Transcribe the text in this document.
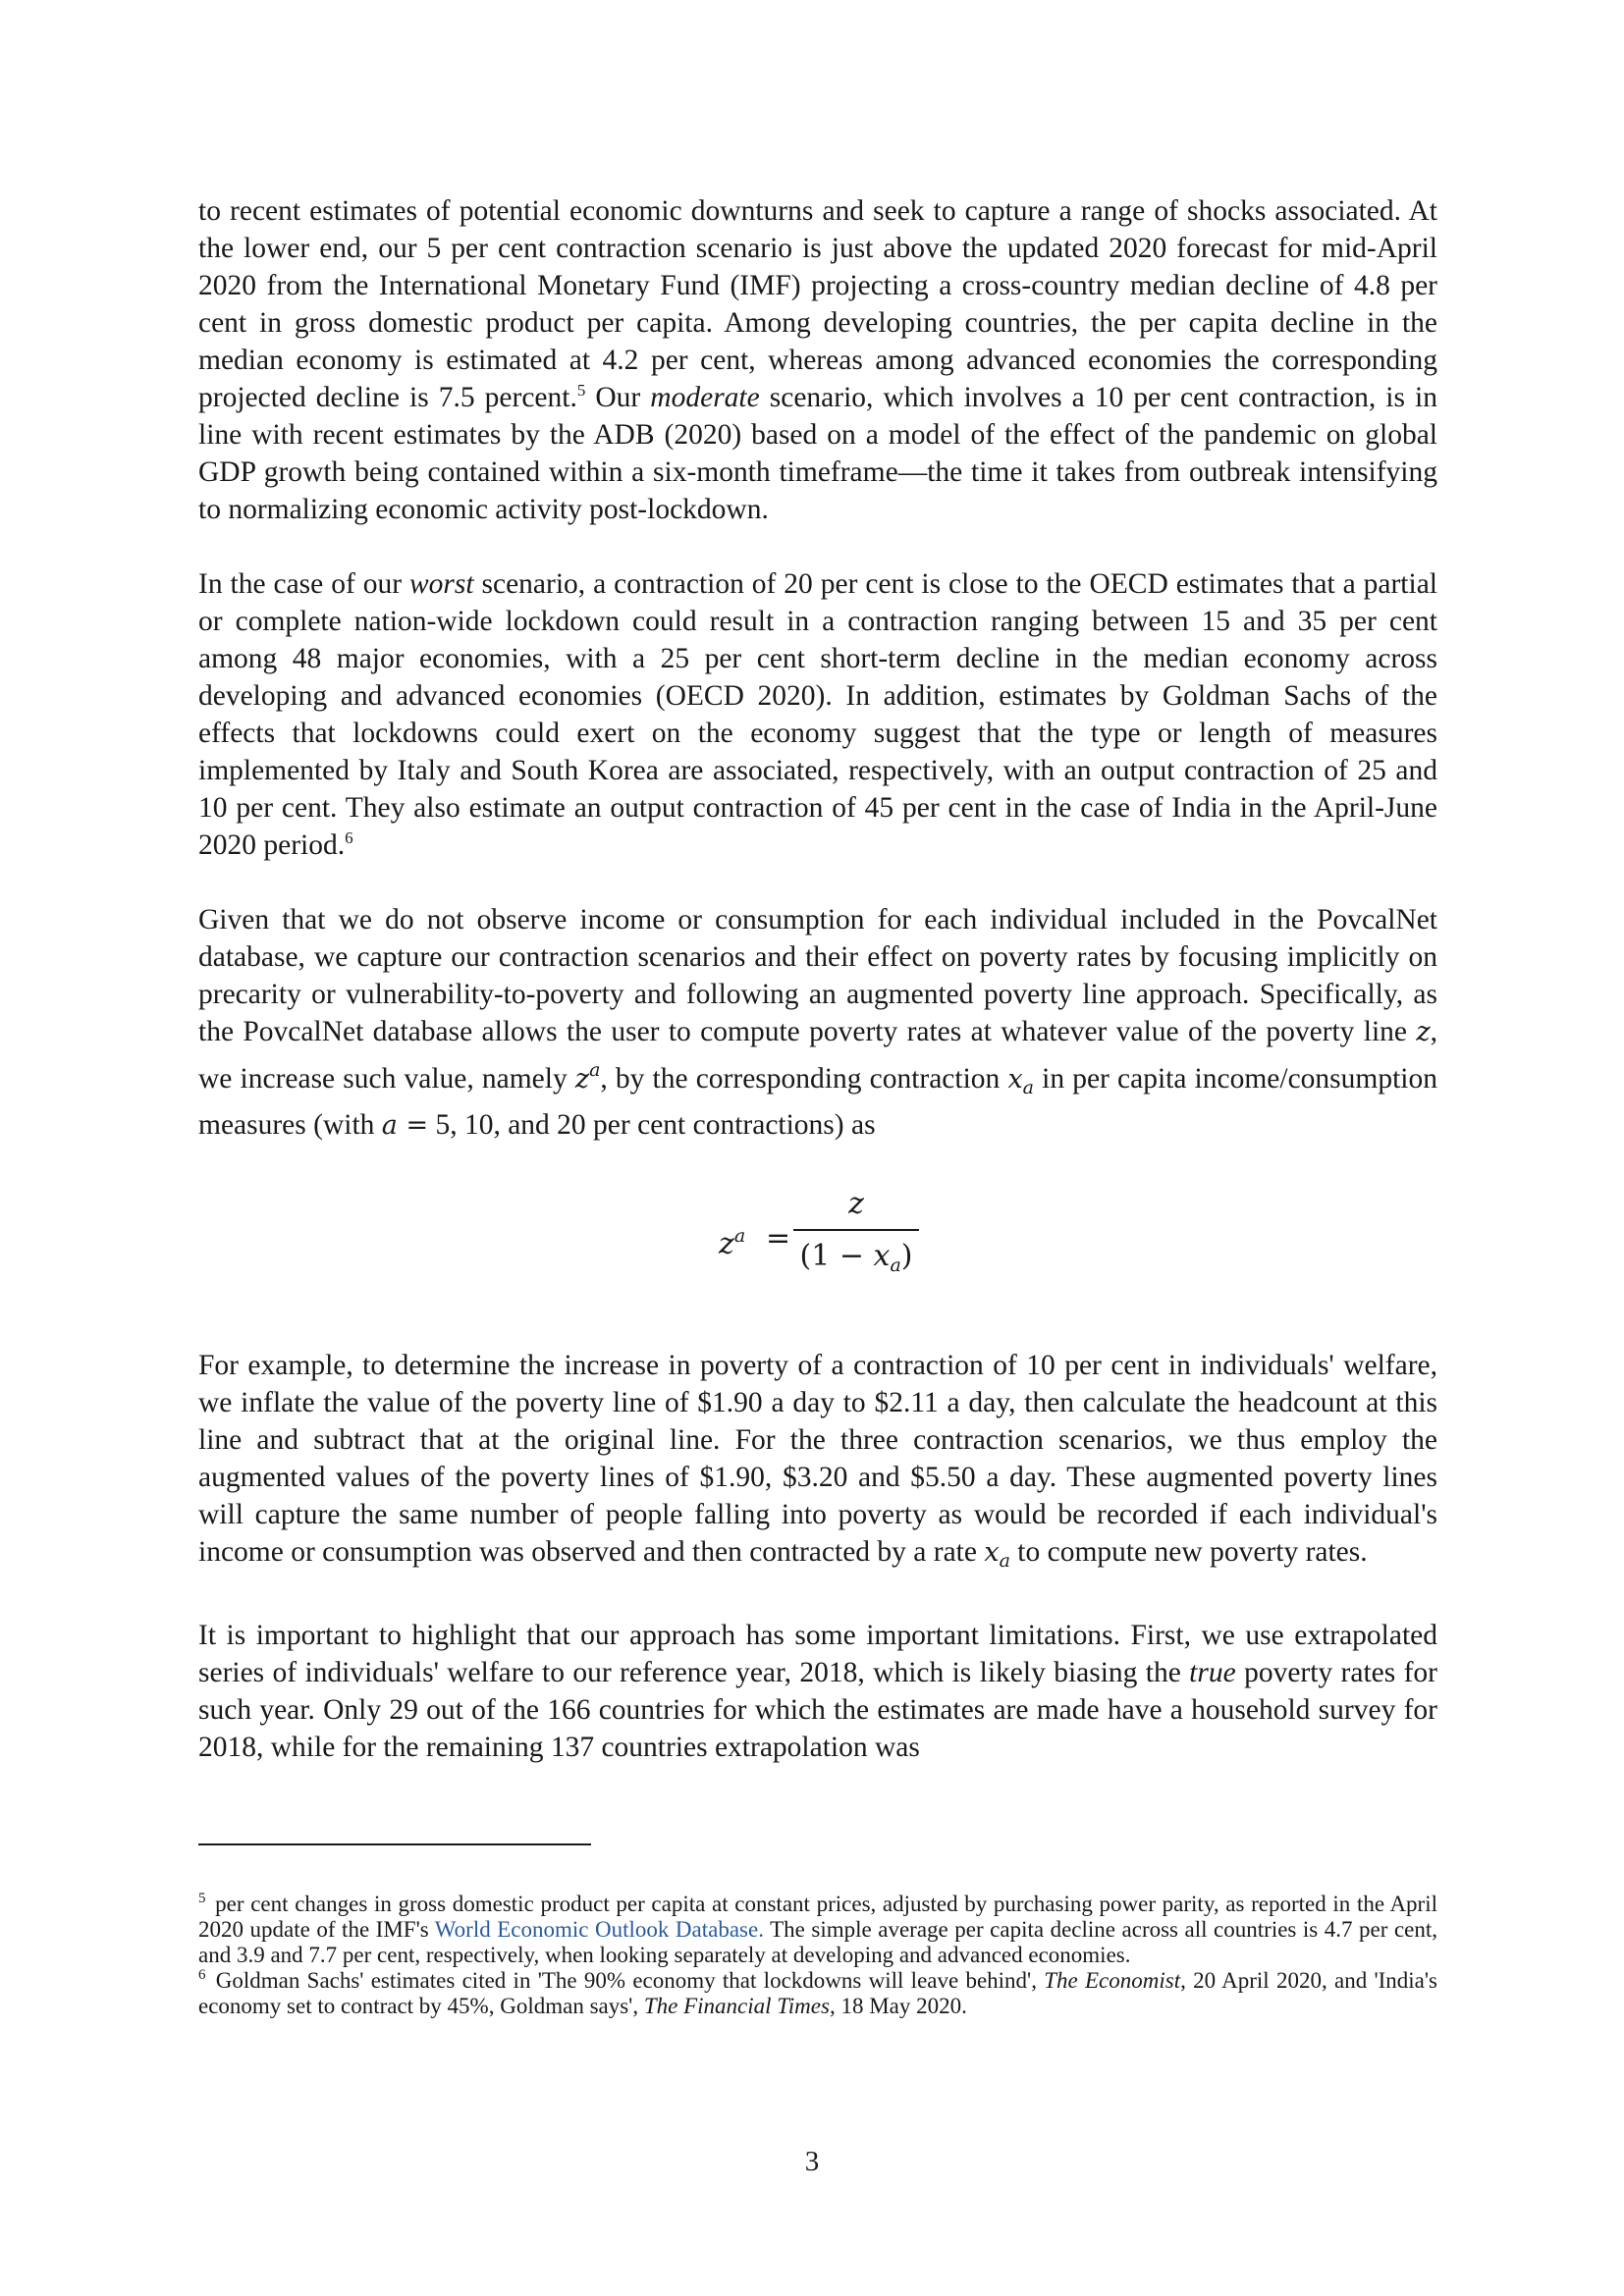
to recent estimates of potential economic downturns and seek to capture a range of shocks associated. At the lower end, our 5 per cent contraction scenario is just above the updated 2020 forecast for mid-April 2020 from the International Monetary Fund (IMF) projecting a cross-country median decline of 4.8 per cent in gross domestic product per capita. Among developing countries, the per capita decline in the median economy is estimated at 4.2 per cent, whereas among advanced economies the corresponding projected decline is 7.5 percent.$^5$ Our moderate scenario, which involves a 10 per cent contraction, is in line with recent estimates by the ADB (2020) based on a model of the effect of the pandemic on global GDP growth being contained within a six-month timeframe—the time it takes from outbreak intensifying to normalizing economic activity post-lockdown.

In the case of our worst scenario, a contraction of 20 per cent is close to the OECD estimates that a partial or complete nation-wide lockdown could result in a contraction ranging between 15 and 35 per cent among 48 major economies, with a 25 per cent short-term decline in the median economy across developing and advanced economies (OECD 2020). In addition, estimates by Goldman Sachs of the effects that lockdowns could exert on the economy suggest that the type or length of measures implemented by Italy and South Korea are associated, respectively, with an output contraction of 25 and 10 per cent. They also estimate an output contraction of 45 per cent in the case of India in the April-June 2020 period.$^6$

Given that we do not observe income or consumption for each individual included in the PovcalNet database, we capture our contraction scenarios and their effect on poverty rates by focusing implicitly on precarity or vulnerability-to-poverty and following an augmented poverty line approach. Specifically, as the PovcalNet database allows the user to compute poverty rates at whatever value of the poverty line z, we increase such value, namely $z^a$, by the corresponding contraction $x_a$ in per capita income/consumption measures (with a = 5, 10, and 20 per cent contractions) as

$z^a$ =
z
$(1 - x_a)$

For example, to determine the increase in poverty of a contraction of 10 per cent in individuals' welfare, we inflate the value of the poverty line of $1.90 a day to $2.11 a day, then calculate the headcount at this line and subtract that at the original line. For the three contraction scenarios, we thus employ the augmented values of the poverty lines of $1.90, $3.20 and $5.50 a day. These augmented poverty lines will capture the same number of people falling into poverty as would be recorded if each individual's income or consumption was observed and then contracted by a rate $x_a$ to compute new poverty rates.

It is important to highlight that our approach has some important limitations. First, we use extrapolated series of individuals' welfare to our reference year, 2018, which is likely biasing the true poverty rates for such year. Only 29 out of the 166 countries for which the estimates are made have a household survey for 2018, while for the remaining 137 countries extrapolation was

$^5$ per cent changes in gross domestic product per capita at constant prices, adjusted by purchasing power parity, as reported in the April 2020 update of the IMF's World Economic Outlook Database. The simple average per capita decline across all countries is 4.7 per cent, and 3.9 and 7.7 per cent, respectively, when looking separately at developing and advanced economies.

$^6$ Goldman Sachs' estimates cited in 'The 90% economy that lockdowns will leave behind', The Economist, 20 April 2020, and 'India's economy set to contract by 45%, Goldman says', The Financial Times, 18 May 2020.

3
